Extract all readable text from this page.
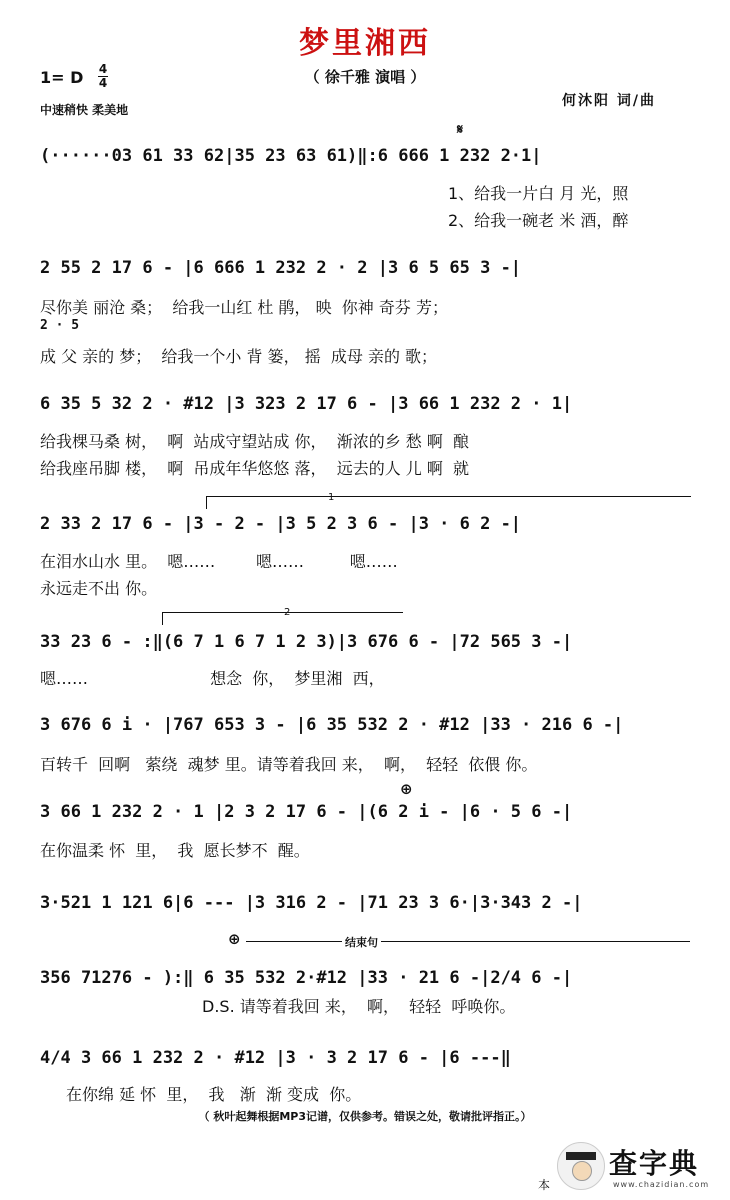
梦里湘西
（ 徐千雅 演唱 ）
1= D 4
4
中速稍快 柔美地
何沐阳 词/曲
𝄋
(······03 61 33 62|35 23 63 61)‖:6 666 1 232 2·1|
1、给我一片白 月 光，照
2、给我一碗老 米 酒，醉
2 55 2 17 6 - |6 666 1 232 2 · 2 |3 6 5 65 3 -|
尽你美 丽沧 桑；  给我一山红 杜 鹃， 映  你神 奇芬 芳；
2 · 5
成 父 亲的 梦；  给我一个小 背 篓， 摇  成母 亲的 歌；
6 35 5 32 2 · #12 |3 323 2 17 6 - |3 66 1 232 2 · 1|
给我棵马桑 树，  啊  站成守望站成 你，  渐浓的乡 愁 啊  酿
给我座吊脚 楼，  啊  吊成年华悠悠 落，  远去的人 儿 啊  就
1
2 33 2 17 6 - |3 - 2 - |3 5 2 3 6 - |3 · 6 2 -|
在泪水山水 里。  嗯……        嗯……         嗯……
永远走不出 你。
2
33 23 6 - :‖(6 7 1 6 7 1 2 3)|3 676 6 - |72 565 3 -|
嗯……                        想念  你，  梦里湘  西，
3 676 6 i · |767 653 3 - |6 35 532 2 · #12 |33 · 216 6 -|
百转千  回啊   萦绕  魂梦 里。请等着我回 来，  啊，  轻轻  依偎 你。
⊕
3 66 1 232 2 · 1 |2 3 2 17 6 - |(6 2 i - |6 · 5 6 -|
在你温柔 怀  里，  我  愿长梦不  醒。
3·521 1 121 6|6 --- |3 316 2 - |71 23 3 6·|3·343 2 -|
⊕	结束句
356 71276 - ):‖ 6 35 532 2·#12 |33 · 21 6 -|2/4 6 -|
D.S. 请等着我回 来，  啊，  轻轻  呼唤你。
4/4 3 66 1 232 2 · #12 |3 · 3 2 17 6 - |6 ---‖
在你绵 延 怀  里，  我   渐  渐 变成  你。
（ 秋叶起舞根据MP3记谱，仅供参考。错误之处，敬请批评指正。）
本
查字典
www.chazidian.com
